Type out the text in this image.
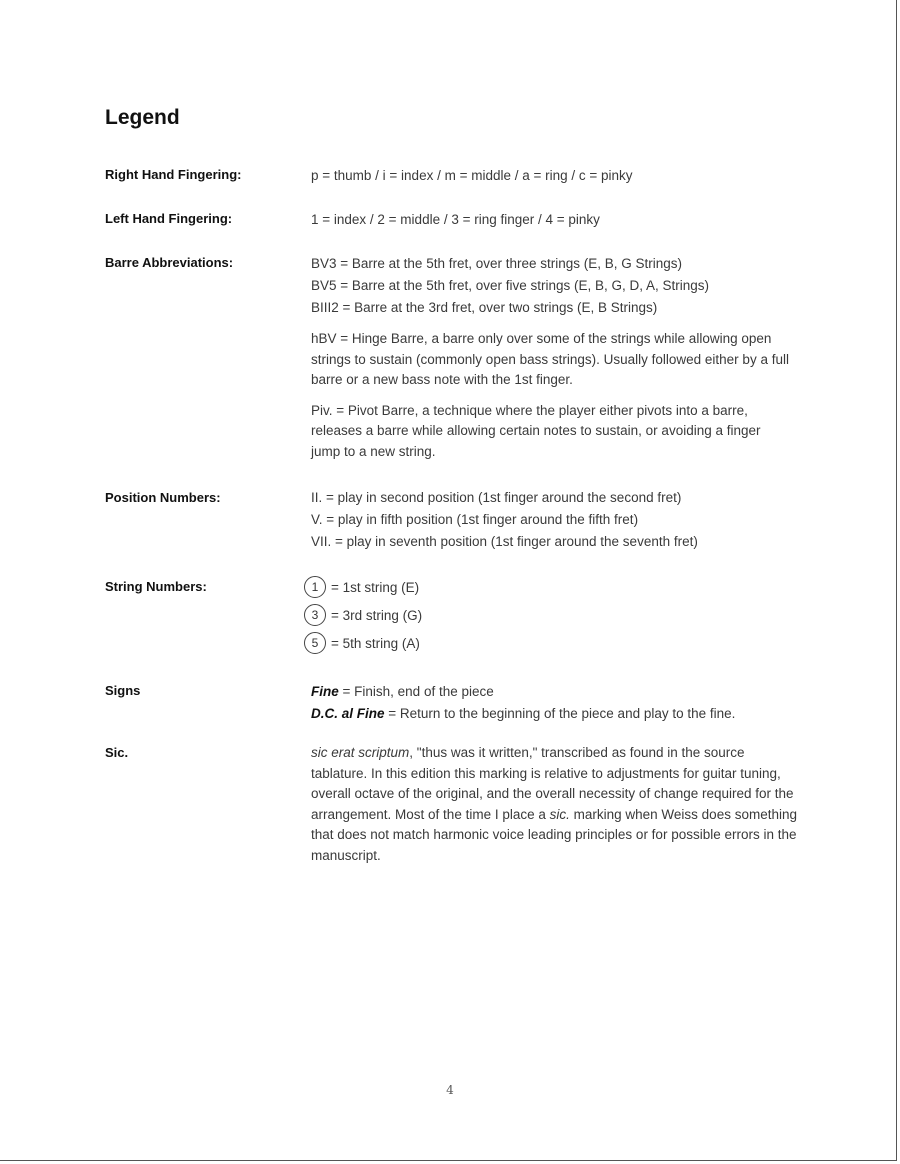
Legend
Right Hand Fingering:	p = thumb / i = index / m = middle / a = ring / c = pinky
Left Hand Fingering:	1 = index / 2 = middle / 3 = ring finger / 4 = pinky
Barre Abbreviations:	BV3 = Barre at the 5th fret, over three strings (E, B, G Strings)
BV5 = Barre at the 5th fret, over five strings (E, B, G, D, A, Strings)
BIII2 = Barre at the 3rd fret, over two strings (E, B Strings)
hBV = Hinge Barre, a barre only over some of the strings while allowing open strings to sustain (commonly open bass strings). Usually followed either by a full barre or a new bass note with the 1st finger.
Piv. = Pivot Barre, a technique where the player either pivots into a barre, releases a barre while allowing certain notes to sustain, or avoiding a finger jump to a new string.
Position Numbers:	II. = play in second position (1st finger around the second fret)
V. = play in fifth position (1st finger around the fifth fret)
VII. = play in seventh position (1st finger around the seventh fret)
String Numbers:	1 = 1st string (E)
3 = 3rd string (G)
5 = 5th string (A)
Signs	Fine = Finish, end of the piece
D.C. al Fine = Return to the beginning of the piece and play to the fine.
Sic.	sic erat scriptum, "thus was it written," transcribed as found in the source tablature. In this edition this marking is relative to adjustments for guitar tuning, overall octave of the original, and the overall necessity of change required for the arrangement. Most of the time I place a sic. marking when Weiss does something that does not match harmonic voice leading principles or for possible errors in the manuscript.
4
